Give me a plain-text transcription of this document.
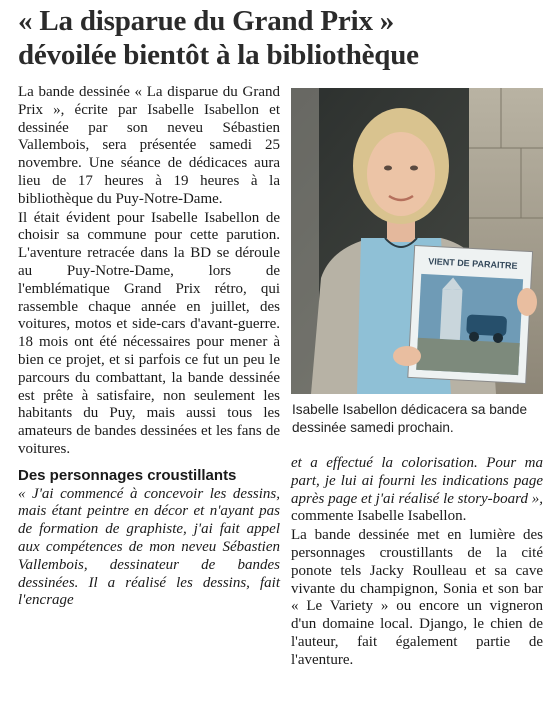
« La disparue du Grand Prix »
dévoilée bientôt à la bibliothèque

La bande dessinée « La disparue du Grand Prix », écrite par Isabelle Isabellon et dessinée par son neveu Sébastien Vallembois, sera présentée samedi 25 novembre. Une séance de dédicaces aura lieu de 17 heures à 19 heures à la bibliothèque du Puy-Notre-Dame.

Il était évident pour Isabelle Isabellon de choisir sa commune pour cette parution. L'aventure retracée dans la BD se déroule au Puy-Notre-Dame, lors de l'emblématique Grand Prix rétro, qui rassemble chaque année en juillet, des voitures, motos et side-cars d'avant-guerre. 18 mois ont été nécessaires pour mener à bien ce projet, et si parfois ce fut un peu le parcours du combattant, la bande dessinée est prête à satisfaire, non seulement les habitants du Puy, mais aussi tous les amateurs de bandes dessinées et les fans de voitures.

Des personnages croustillants

« J'ai commencé à concevoir les dessins, mais étant peintre en décor et n'ayant pas de formation de graphiste, j'ai fait appel aux compétences de mon neveu Sébastien Vallembois, dessinateur de bandes dessinées. Il a réalisé les dessins, fait l'encrage

VIENT DE PARAITRE
Isabelle Isabellon dédicacera sa bande dessinée samedi prochain.

et a effectué la colorisation. Pour ma part, je lui ai fourni les indications page après page et j'ai réalisé le story-board », commente Isabelle Isabellon.

La bande dessinée met en lumière des personnages croustillants de la cité ponote tels Jacky Roulleau et sa cave vivante du champignon, Sonia et son bar « Le Variety » ou encore un vigneron d'un domaine local. Django, le chien de l'auteur, fait également partie de l'aventure.
